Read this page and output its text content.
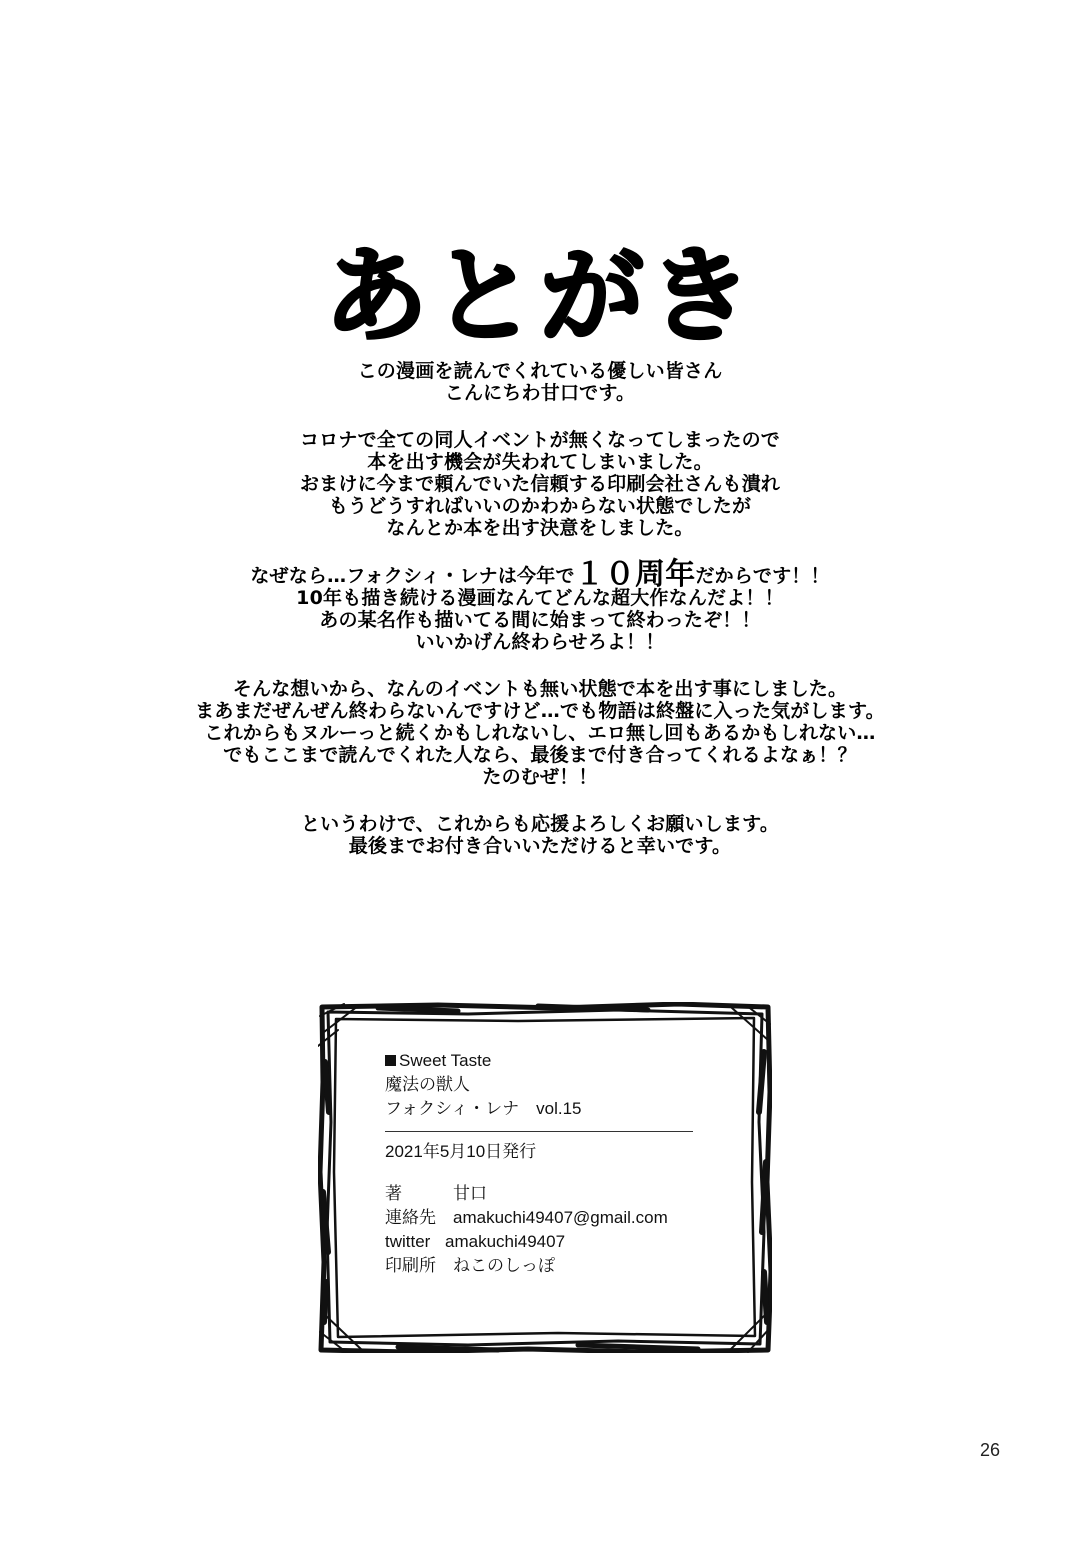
あとがき
この漫画を読んでくれている優しい皆さん
こんにちわ甘口です。
コロナで全ての同人イベントが無くなってしまったので
本を出す機会が失われてしまいました。
おまけに今まで頼んでいた信頼する印刷会社さんも潰れ
もうどうすればいいのかわからない状態でしたが
なんとか本を出す決意をしました。
なぜなら…フォクシィ・レナは今年で１０周年だからです！！
10年も描き続ける漫画なんてどんな超大作なんだよ！！
あの某名作も描いてる間に始まって終わったぞ！！
いいかげん終わらせろよ！！
そんな想いから、なんのイベントも無い状態で本を出す事にしました。
まあまだぜんぜん終わらないんですけど…でも物語は終盤に入った気がします。
これからもヌルーっと続くかもしれないし、エロ無し回もあるかもしれない…
でもここまで読んでくれた人なら、最後まで付き合ってくれるよなぁ！？
たのむぜ！！
というわけで、これからも応援よろしくお願いします。
最後までお付き合いいただけると幸いです。
Sweet Taste
魔法の獣人
フォクシィ・レナ　vol.15
2021年5月10日発行
著	甘口
連絡先 amakuchi49407@gmail.com
twitter amakuchi49407
印刷所 ねこのしっぽ
26
